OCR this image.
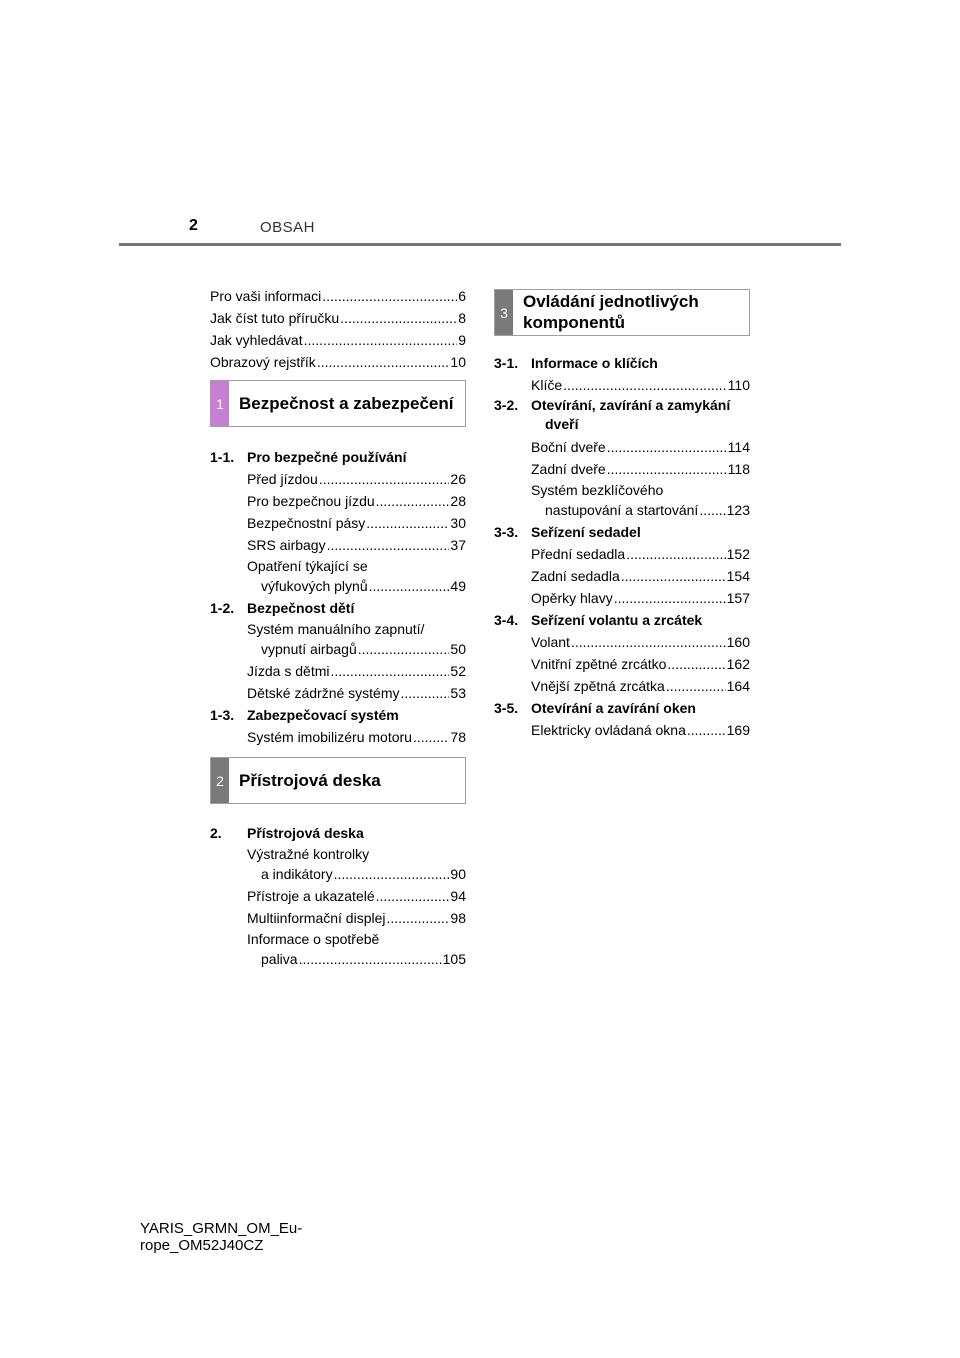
2	OBSAH
Pro vaši informaci .....	6
Jak číst tuto příručku .....	8
Jak vyhledávat .....	9
Obrazový rejstřík .....	10
1 Bezpečnost a zabezpečení
1-1. Pro bezpečné používání
Před jízdou .....	26
Pro bezpečnou jízdu .....	28
Bezpečnostní pásy .....	30
SRS airbagy .....	37
Opatření týkající se
výfukových plynů .....	49
1-2. Bezpečnost dětí
Systém manuálního zapnutí/
vypnutí airbagů .....	50
Jízda s dětmi .....	52
Dětské zádržné systémy .....	53
1-3. Zabezpečovací systém
Systém imobilizéru motoru .....	78
2 Přístrojová deska
2.	Přístrojová deska
Výstražné kontrolky
a indikátory .....	90
Přístroje a ukazatelé .....	94
Multiinformační displej .....	98
Informace o spotřebě
paliva .....	105
3
Ovládání jednotlivých
komponentů
3-1. Informace o klíčích
Klíče .....	110
3-2. Otevírání, zavírání a zamykání
dveří
Boční dveře .....	114
Zadní dveře .....	118
Systém bezklíčového
nastupování a startování ..... 123
3-3. Seřízení sedadel
Přední sedadla .....	152
Zadní sedadla .....	154
Opěrky hlavy .....	157
3-4. Seřízení volantu a zrcátek
Volant .....	160
Vnitřní zpětné zrcátko .....	162
Vnější zpětná zrcátka .....	164
3-5. Otevírání a zavírání oken
Elektricky ovládaná okna .....	169
YARIS_GRMN_OM_Eu-
rope_OM52J40CZ
